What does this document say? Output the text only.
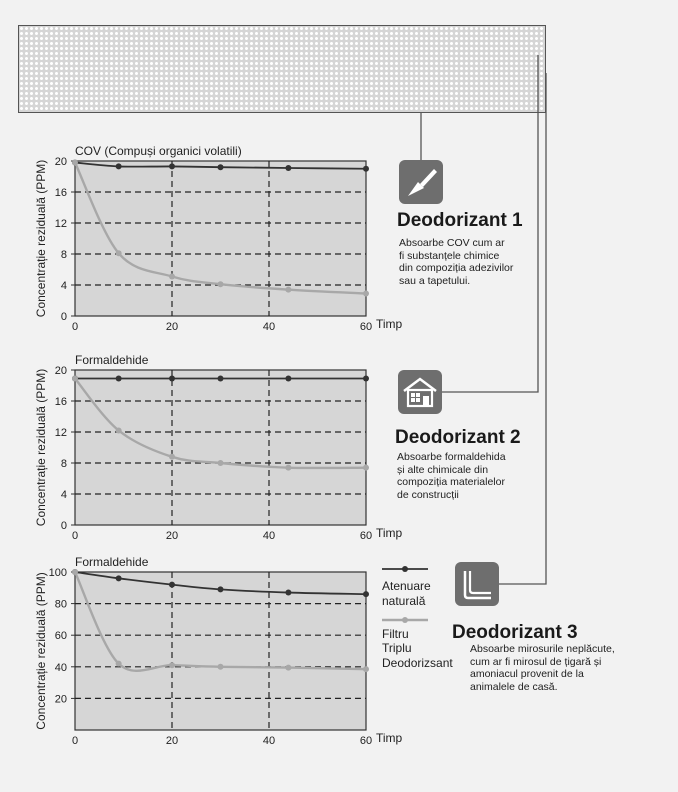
0
4
8
12
16
20
0	20	40	60
COV (Compuși organici volatili)
Timp
Concentrație reziduală (PPM)
0
4
8
12
16
20
0	20	40	60
Formaldehide
Timp
Concentrație reziduală (PPM)
20
40
60
80
100
0	20	40	60
Formaldehide
Timp
Concentrație reziduală (PPM)	Atenuare
naturală
Filtru
Triplu
Deodorizsant
Deodorizant 1
Absoarbe COV cum ar
fi substanțele chimice
din compoziția adezivilor
sau a tapetului.
Deodorizant 2
Absoarbe formaldehida
și alte chimicale din
compoziția materialelor
de construcții
Deodorizant 3
Absoarbe mirosurile neplăcute,
cum ar fi mirosul de țigară și
amoniacul provenit de la
animalele de casă.
